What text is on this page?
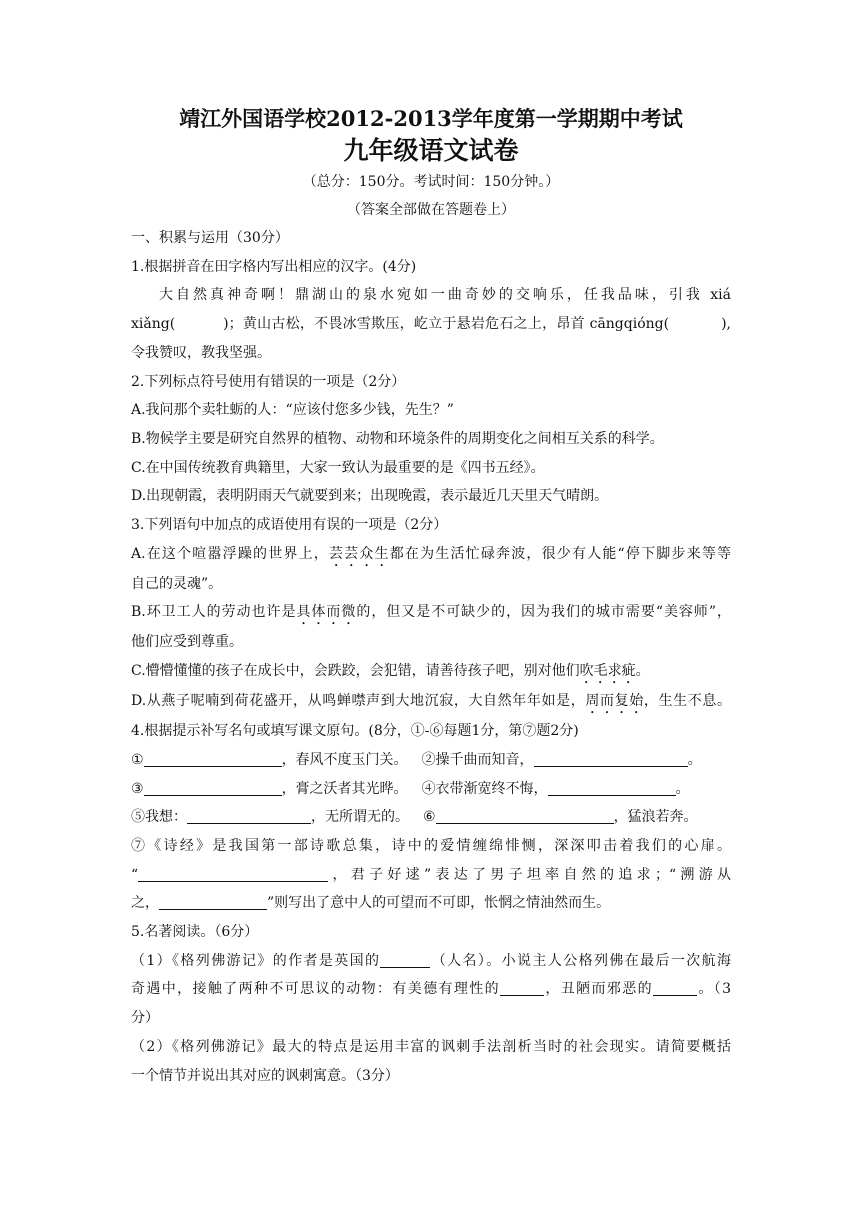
靖江外国语学校2012-2013学年度第一学期期中考试
九年级语文试卷
（总分：150分。考试时间：150分钟。）
（答案全部做在答题卷上）
一、积累与运用（30分）
1.根据拼音在田字格内写出相应的汉字。(4分)
大自然真神奇啊！鼎湖山的泉水宛如一曲奇妙的交响乐，任我品味，引我 xiá
xiǎng(	)；黄山古松，不畏冰雪欺压，屹立于悬岩危石之上，昂首 cāngqióng(	),
令我赞叹，教我坚强。
2.下列标点符号使用有错误的一项是（2分）
A.我问那个卖牡蛎的人：“应该付您多少钱，先生？”
B.物候学主要是研究自然界的植物、动物和环境条件的周期变化之间相互关系的科学。
C.在中国传统教育典籍里，大家一致认为最重要的是《四书五经》。
D.出现朝霞，表明阴雨天气就要到来；出现晚霞，表示最近几天里天气晴朗。
3.下列语句中加点的成语使用有误的一项是（2分）
A.在这个喧嚣浮躁的世界上，芸芸众生都在为生活忙碌奔波，很少有人能“停下脚步来等等
自己的灵魂”。
B.环卫工人的劳动也许是具体而微的，但又是不可缺少的，因为我们的城市需要“美容师”，
他们应受到尊重。
C.懵懵懂懂的孩子在成长中，会跌跤，会犯错，请善待孩子吧，别对他们吹毛求疵。
D.从燕子呢喃到荷花盛开，从鸣蝉噤声到大地沉寂，大自然年年如是，周而复始，生生不息。
4.根据提示补写名句或填写课文原句。(8分，①-⑥每题1分，第⑦题2分)
①	，春风不度玉门关。 ②操千曲而知音，	。
③	，膏之沃者其光晔。 ④衣带渐宽终不悔，	。
⑤我想：	，无所谓无的。 ⑥	，猛浪若奔。
⑦《诗经》是我国第一部诗歌总集，诗中的爱情缠绵悱恻，深深叩击着我们的心扉。
“	，君子好逑”表达了男子坦率自然的追求；“溯游从
之，	”则写出了意中人的可望而不可即，怅惘之情油然而生。
5.名著阅读。（6分）
（1）《格列佛游记》的作者是英国的	（人名）。小说主人公格列佛在最后一次航海
奇遇中，接触了两种不可思议的动物：有美德有理性的	，丑陋而邪恶的	。（3
分）
（2）《格列佛游记》最大的特点是运用丰富的讽刺手法剖析当时的社会现实。请简要概括
一个情节并说出其对应的讽刺寓意。（3分）
